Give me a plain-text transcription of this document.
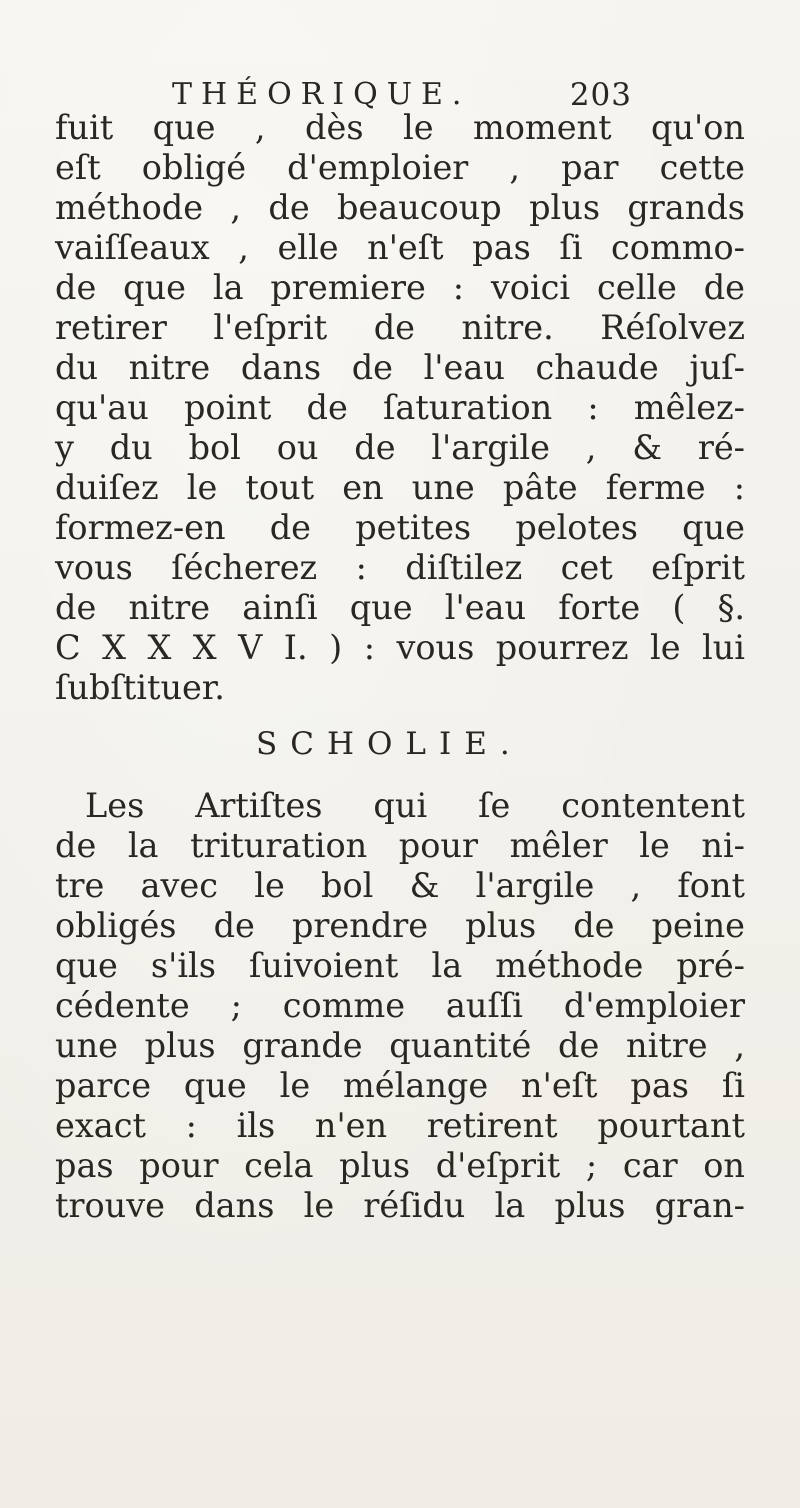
THÉORIQUE.	203
fuit que , dès le moment qu'on
eſt obligé d'emploier , par cette
méthode , de beaucoup plus grands
vaiſſeaux , elle n'eſt pas ſi commo-
de que la premiere : voici celle de
retirer l'eſprit de nitre. Réſolvez
du nitre dans de l'eau chaude juſ-
qu'au point de ſaturation : mêlez-
y du bol ou de l'argile , & ré-
duiſez le tout en une pâte ferme :
formez-en de petites pelotes que
vous ſécherez : diſtilez cet eſprit
de nitre ainſi que l'eau forte ( §.
C X X X V I. ) : vous pourrez le lui
ſubſtituer.
SCHOLIE.
Les Artiſtes qui ſe contentent
de la trituration pour mêler le ni-
tre avec le bol & l'argile , font
obligés de prendre plus de peine
que s'ils ſuivoient la méthode pré-
cédente ; comme auſſi d'emploier
une plus grande quantité de nitre ,
parce que le mélange n'eſt pas ſi
exact : ils n'en retirent pourtant
pas pour cela plus d'eſprit ; car on
trouve dans le réſidu la plus gran-
